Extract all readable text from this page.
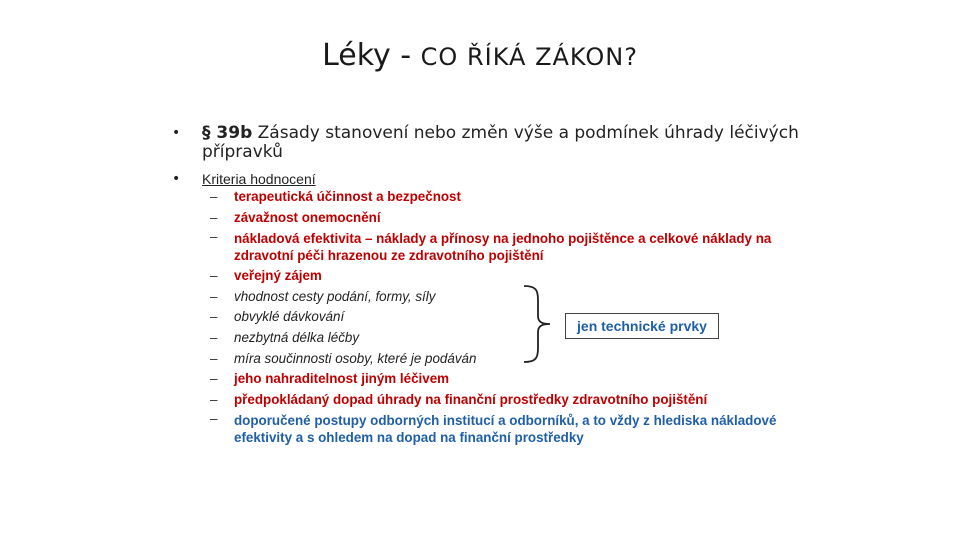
Léky - CO ŘÍKÁ ZÁKON?
• § 39b Zásady stanovení nebo změn výše a podmínek úhrady léčivých přípravků
• Kriteria hodnocení
– terapeutická účinnost a bezpečnost
– závažnost onemocnění
– nákladová efektivita – náklady a přínosy na jednoho pojištěnce a celkové náklady na zdravotní péči hrazenou ze zdravotního pojištění
– veřejný zájem
– vhodnost cesty podání, formy, síly
– obvyklé dávkování
– nezbytná délka léčby
– míra součinnosti osoby, které je podáván
– jeho nahraditelnost jiným léčivem
– předpokládaný dopad úhrady na finanční prostředky zdravotního pojištění
– doporučené postupy odborných institucí a odborníků, a to vždy z hlediska nákladové efektivity a s ohledem na dopad na finanční prostředky
jen technické prvky
